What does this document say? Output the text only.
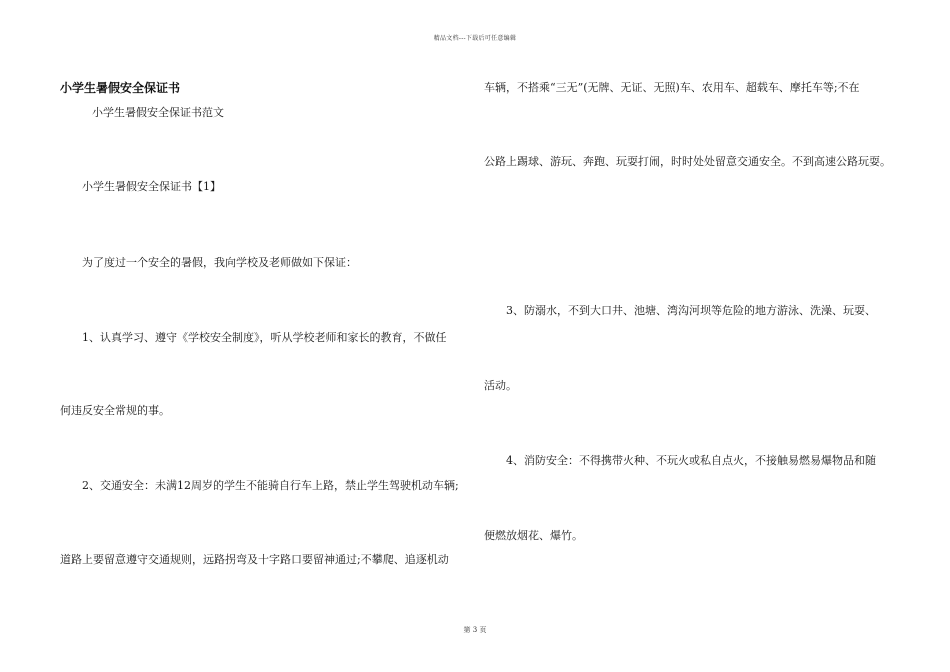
精品文档---下载后可任意编辑
小学生暑假安全保证书
小学生暑假安全保证书范文
小学生暑假安全保证书【1】
为了度过一个安全的暑假，我向学校及老师做如下保证：
1、认真学习、遵守《学校安全制度》，听从学校老师和家长的教育，不做任
何违反安全常规的事。
2、交通安全：未满12周岁的学生不能骑自行车上路，禁止学生驾驶机动车辆;
道路上要留意遵守交通规则，远路拐弯及十字路口要留神通过;不攀爬、追逐机动
车辆，不搭乘“三无”(无牌、无证、无照)车、农用车、超载车、摩托车等;不在
公路上踢球、游玩、奔跑、玩耍打闹，时时处处留意交通安全。不到高速公路玩耍。
3、防溺水，不到大口井、池塘、湾沟河坝等危险的地方游泳、洗澡、玩耍、
活动。
4、消防安全：不得携带火种、不玩火或私自点火，不接触易燃易爆物品和随
便燃放烟花、爆竹。
第 3 页
